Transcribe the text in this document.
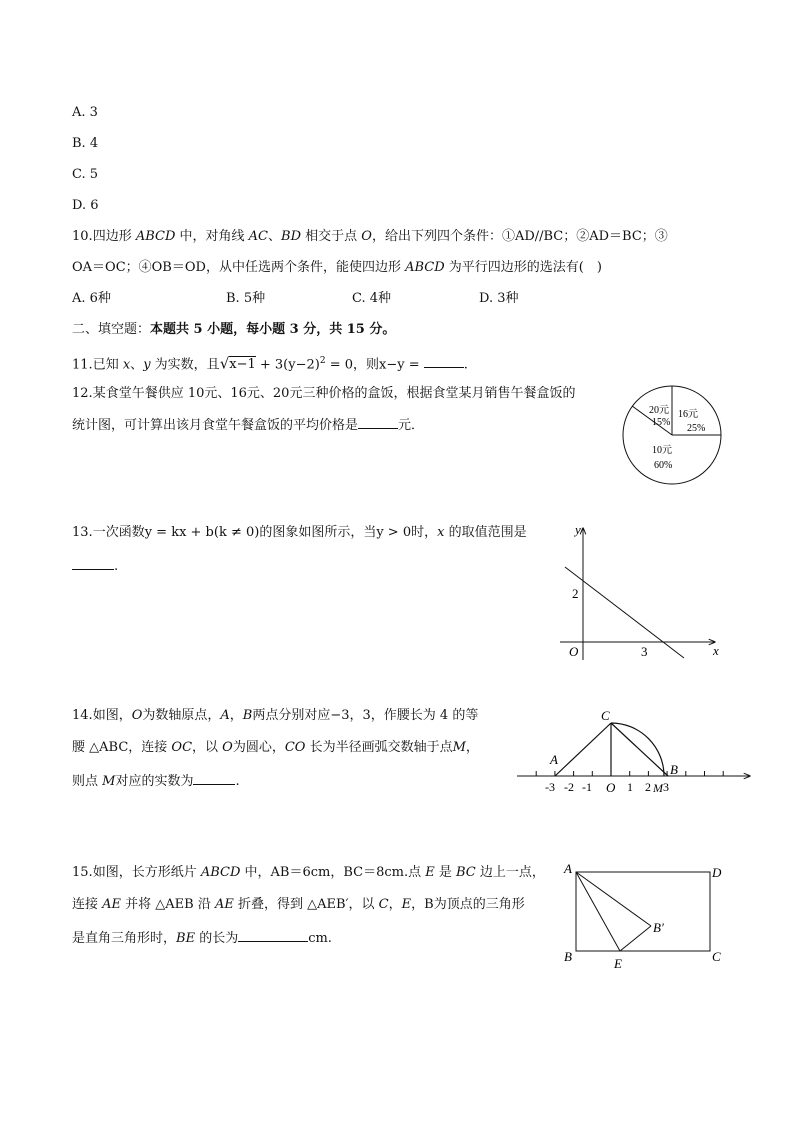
A. 3
B. 4
C. 5
D. 6
10.四边形 ABCD 中，对角线 AC、BD 相交于点 O，给出下列四个条件：①AD//BC；②AD＝BC；③
OA＝OC；④OB＝OD，从中任选两个条件，能使四边形 ABCD 为平行四边形的选法有(　)
A. 6种	B. 5种	C. 4种	D. 3种
二、填空题：本题共 5 小题，每小题 3 分，共 15 分。
11.已知 x、y 为实数，且$√x-1 + 3(y-2)^2 = 0$，则x−y =	.
12.某食堂午餐供应 10元、16元、20元三种价格的盒饭，根据食堂某月销售午餐盒饭的
统计图，可计算出该月食堂午餐盒饭的平均价格是	元．
20元
15%
16元
25%
10元
60%
13.一次函数y = kx + b(k ≠ 0)的图象如图所示，当y > 0时，x 的取值范围是
.
y
x
O	3
2
14.如图，O为数轴原点，A，B两点分别对应−3，3，作腰长为 4 的等
腰 △ABC，连接 OC，以 O为圆心，CO 长为半径画弧交数轴于点M，
则点 M对应的实数为	.
C
A
B
-3 -2 -1 O 1 2 M 3
15.如图，长方形纸片 ABCD 中，AB＝6cm，BC＝8cm.点 E 是 BC 边上一点，
连接 AE 并将 △AEB 沿 AE 折叠，得到 △AEB′，以 C，E，B为顶点的三角形
是直角三角形时，BE 的长为	cm.
A	D
B	C
E
B′
